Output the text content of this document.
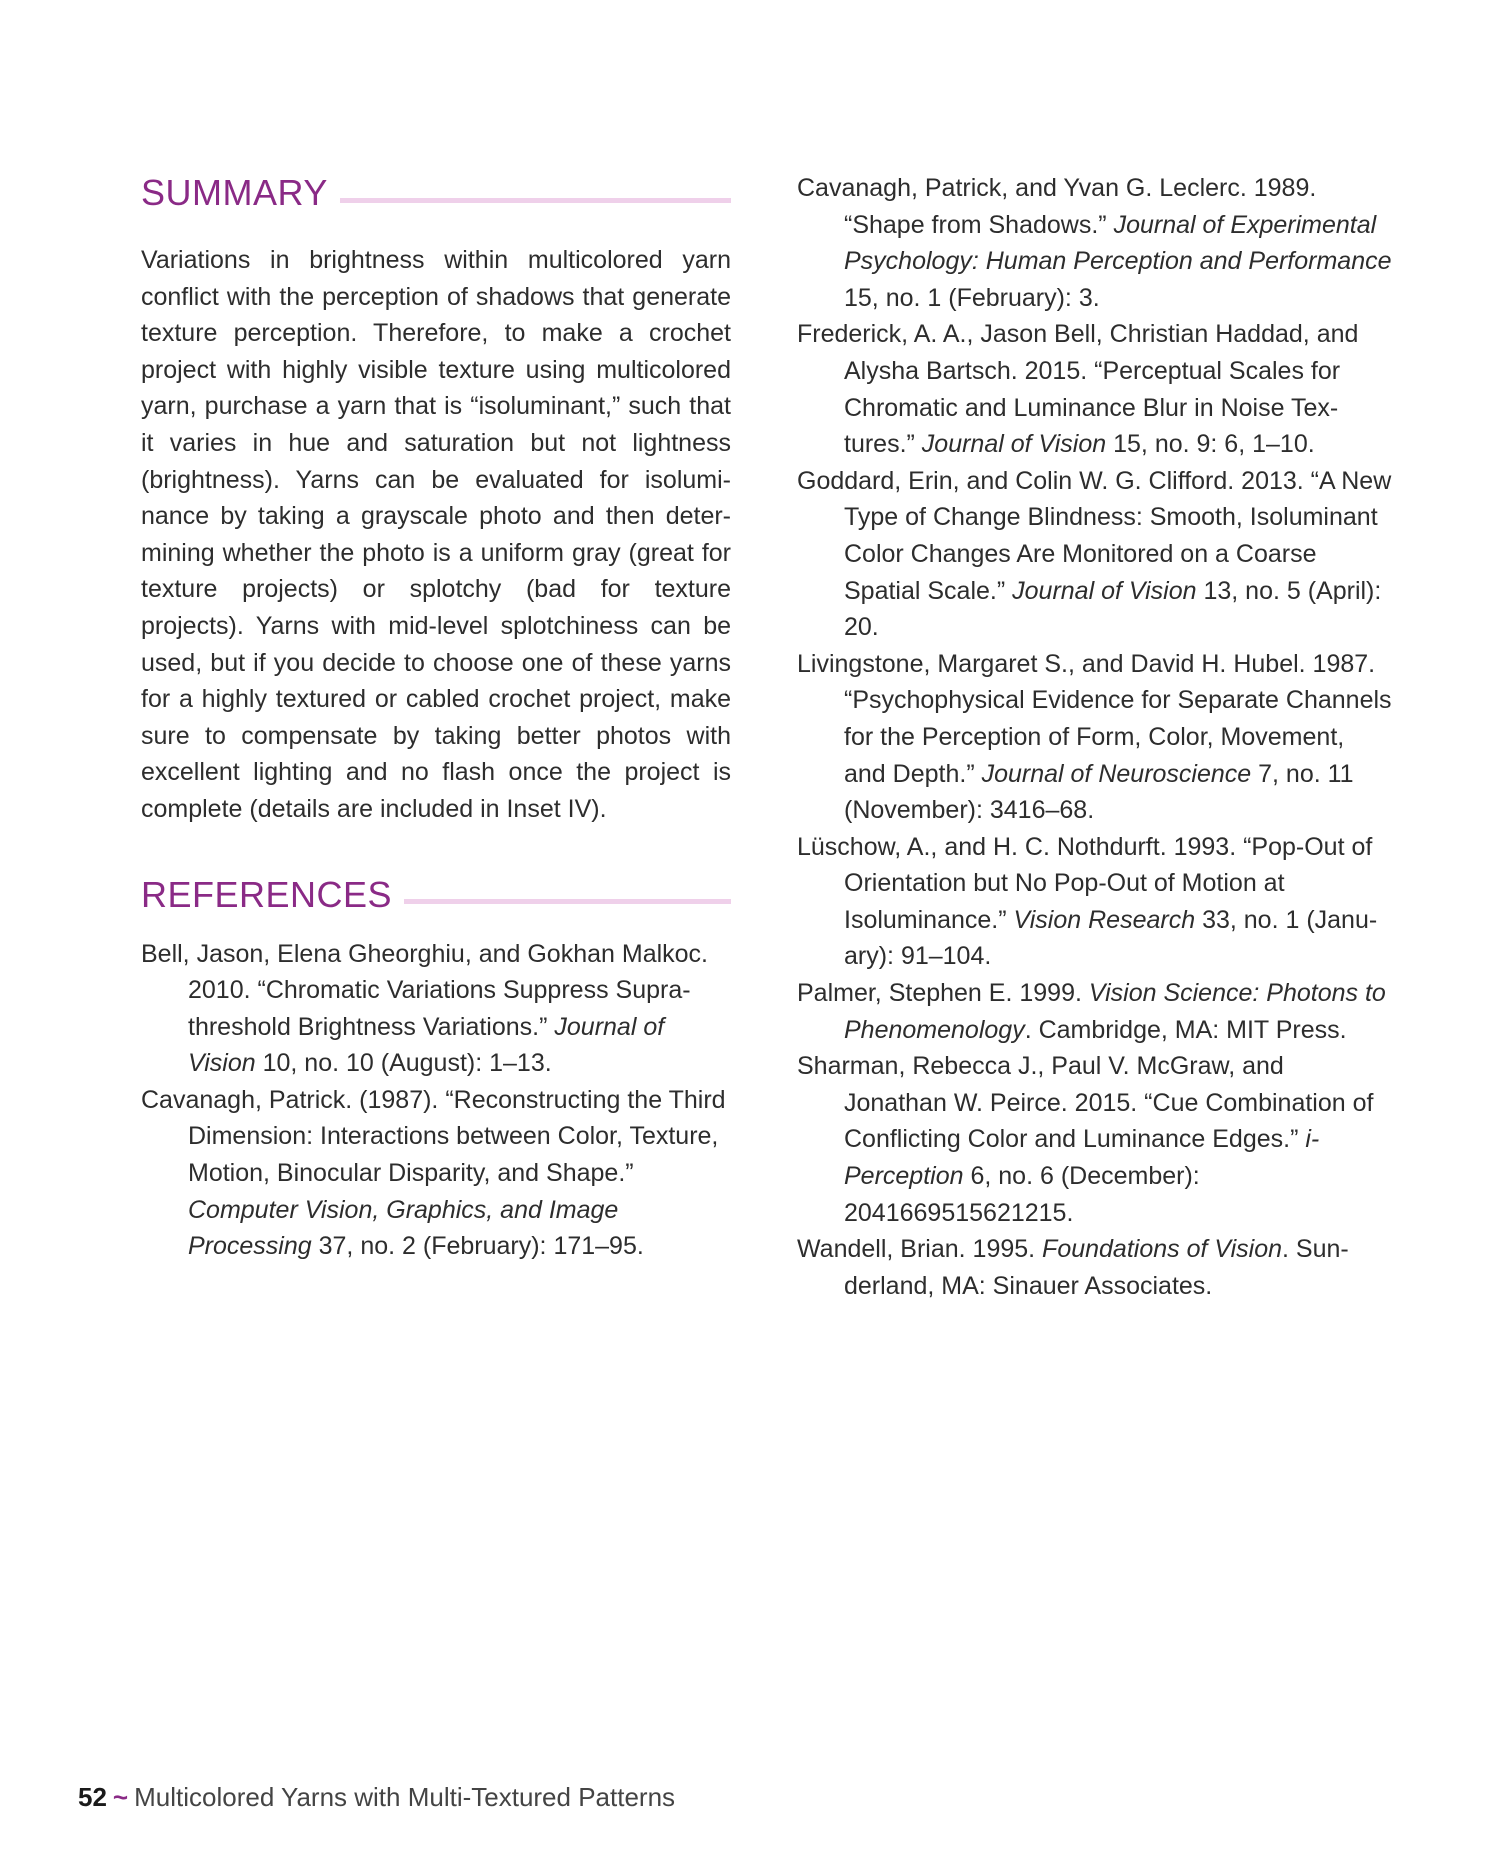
SUMMARY

Variations in brightness within multicolored yarn conflict with the perception of shadows that generate texture perception. Therefore, to make a crochet project with highly visible texture using multicolored yarn, purchase a yarn that is “isoluminant,” such that it varies in hue and saturation but not lightness (brightness). Yarns can be evaluated for isoluminance by taking a grayscale photo and then determining whether the photo is a uniform gray (great for texture projects) or splotchy (bad for texture projects). Yarns with mid-level splotchiness can be used, but if you decide to choose one of these yarns for a highly textured or cabled crochet project, make sure to compensate by taking better photos with excellent lighting and no flash once the project is complete (details are included in Inset IV).

REFERENCES
Bell, Jason, Elena Gheorghiu, and Gokhan Malkoc. 2010. “Chromatic Variations Suppress Suprathreshold Brightness Variations.” Journal of Vision 10, no. 10 (August): 1–13.
Cavanagh, Patrick. (1987). “Reconstructing the Third Dimension: Interactions between Color, Texture, Motion, Binocular Disparity, and Shape.” Computer Vision, Graphics, and Image Processing 37, no. 2 (February): 171–95.
Cavanagh, Patrick, and Yvan G. Leclerc. 1989. “Shape from Shadows.” Journal of Experimental Psychology: Human Perception and Performance 15, no. 1 (February): 3.
Frederick, A. A., Jason Bell, Christian Haddad, and Alysha Bartsch. 2015. “Perceptual Scales for Chromatic and Luminance Blur in Noise Textures.” Journal of Vision 15, no. 9: 6, 1–10.
Goddard, Erin, and Colin W. G. Clifford. 2013. “A New Type of Change Blindness: Smooth, Isoluminant Color Changes Are Monitored on a Coarse Spatial Scale.” Journal of Vision 13, no. 5 (April): 20.
Livingstone, Margaret S., and David H. Hubel. 1987. “Psychophysical Evidence for Separate Channels for the Perception of Form, Color, Movement, and Depth.” Journal of Neuroscience 7, no. 11 (November): 3416–68.
Lüschow, A., and H. C. Nothdurft. 1993. “Pop-Out of Orientation but No Pop-Out of Motion at Isoluminance.” Vision Research 33, no. 1 (January): 91–104.
Palmer, Stephen E. 1999. Vision Science: Photons to Phenomenology. Cambridge, MA: MIT Press.
Sharman, Rebecca J., Paul V. McGraw, and Jonathan W. Peirce. 2015. “Cue Combination of Conflicting Color and Luminance Edges.” i-Perception 6, no. 6 (December): 2041669515621215.
Wandell, Brian. 1995. Foundations of Vision. Sunderland, MA: Sinauer Associates.
52 ~ Multicolored Yarns with Multi-Textured Patterns
